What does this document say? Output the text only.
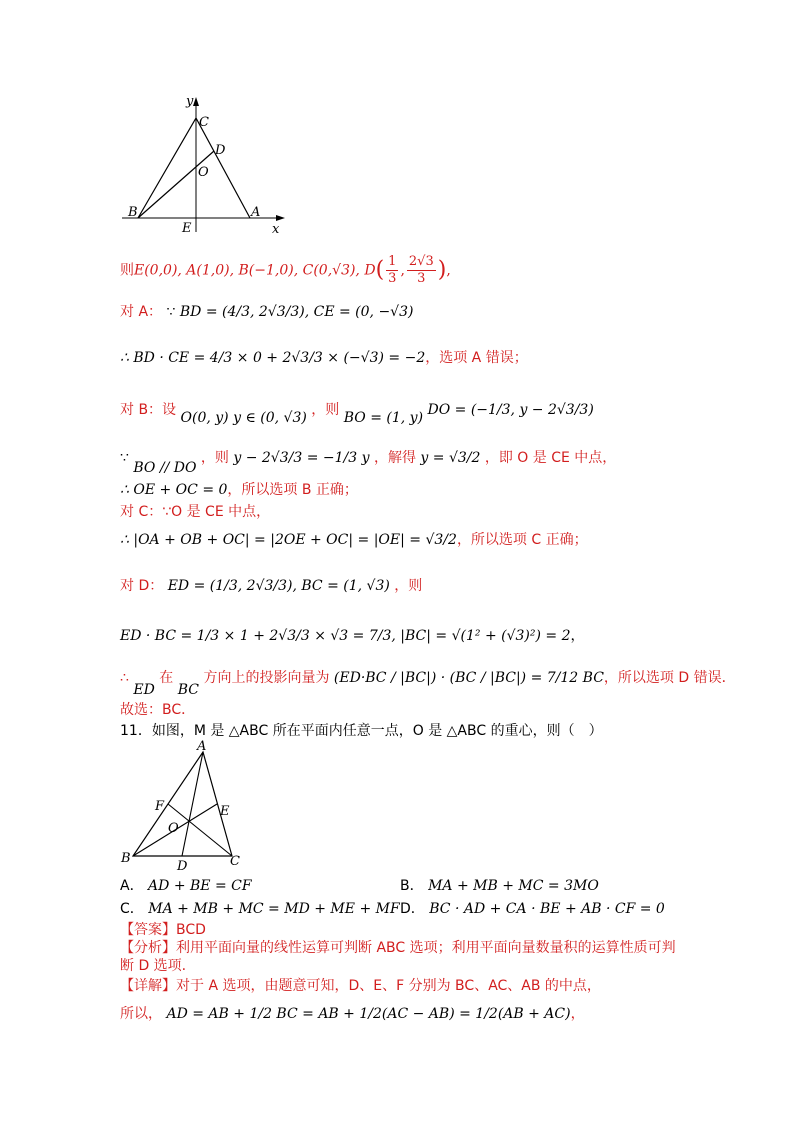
y
C
D
O
B	A
E	x
则E(0,0), A(1,0), B(−1,0), C(0,√3), $D( \frac{1}{3}$ , $\frac{2√3}{3}$ ),
对 A： ∵ BD = (4/3, 2√3/3), CE = (0, −√3)
∴ BD · CE = 4/3 × 0 + 2√3/3 × (−√3) = −2，选项 A 错误；
对 B：设 O(0, y) y ∈ (0, √3) ，则 BO = (1, y) DO = (−1/3, y − 2√3/3)
∵ BO // DO ，则 y − 2√3/3 = −1/3 y ，解得 y = √3/2 ，即 O 是 CE 中点，
∴ OE + OC = 0，所以选项 B 正确；
对 C：∵O 是 CE 中点，
∴ |OA + OB + OC| = |2OE + OC| = |OE| = √3/2，所以选项 C 正确；
对 D： ED = (1/3, 2√3/3), BC = (1, √3) ，则
ED · BC = 1/3 × 1 + 2√3/3 × √3 = 7/3, |BC| = √(1² + (√3)²) = 2，
∴ ED 在 BC 方向上的投影向量为 (ED·BC / |BC|) · (BC / |BC|) = 7/12 BC，所以选项 D 错误．
故选：BC．
11．如图，M 是 △ABC 所在平面内任意一点，O 是 △ABC 的重心，则（　）
A
F	E
O
B
D	C
A． AD + BE = CF	B． MA + MB + MC = 3MO
C． MA + MB + MC = MD + ME + MF D． BC · AD + CA · BE + AB · CF = 0
【答案】BCD
【分析】利用平面向量的线性运算可判断 ABC 选项；利用平面向量数量积的运算性质可判
断 D 选项.
【详解】对于 A 选项，由题意可知，D、E、F 分别为 BC、AC、AB 的中点，
所以， AD = AB + 1/2 BC = AB + 1/2(AC − AB) = 1/2(AB + AC)，
